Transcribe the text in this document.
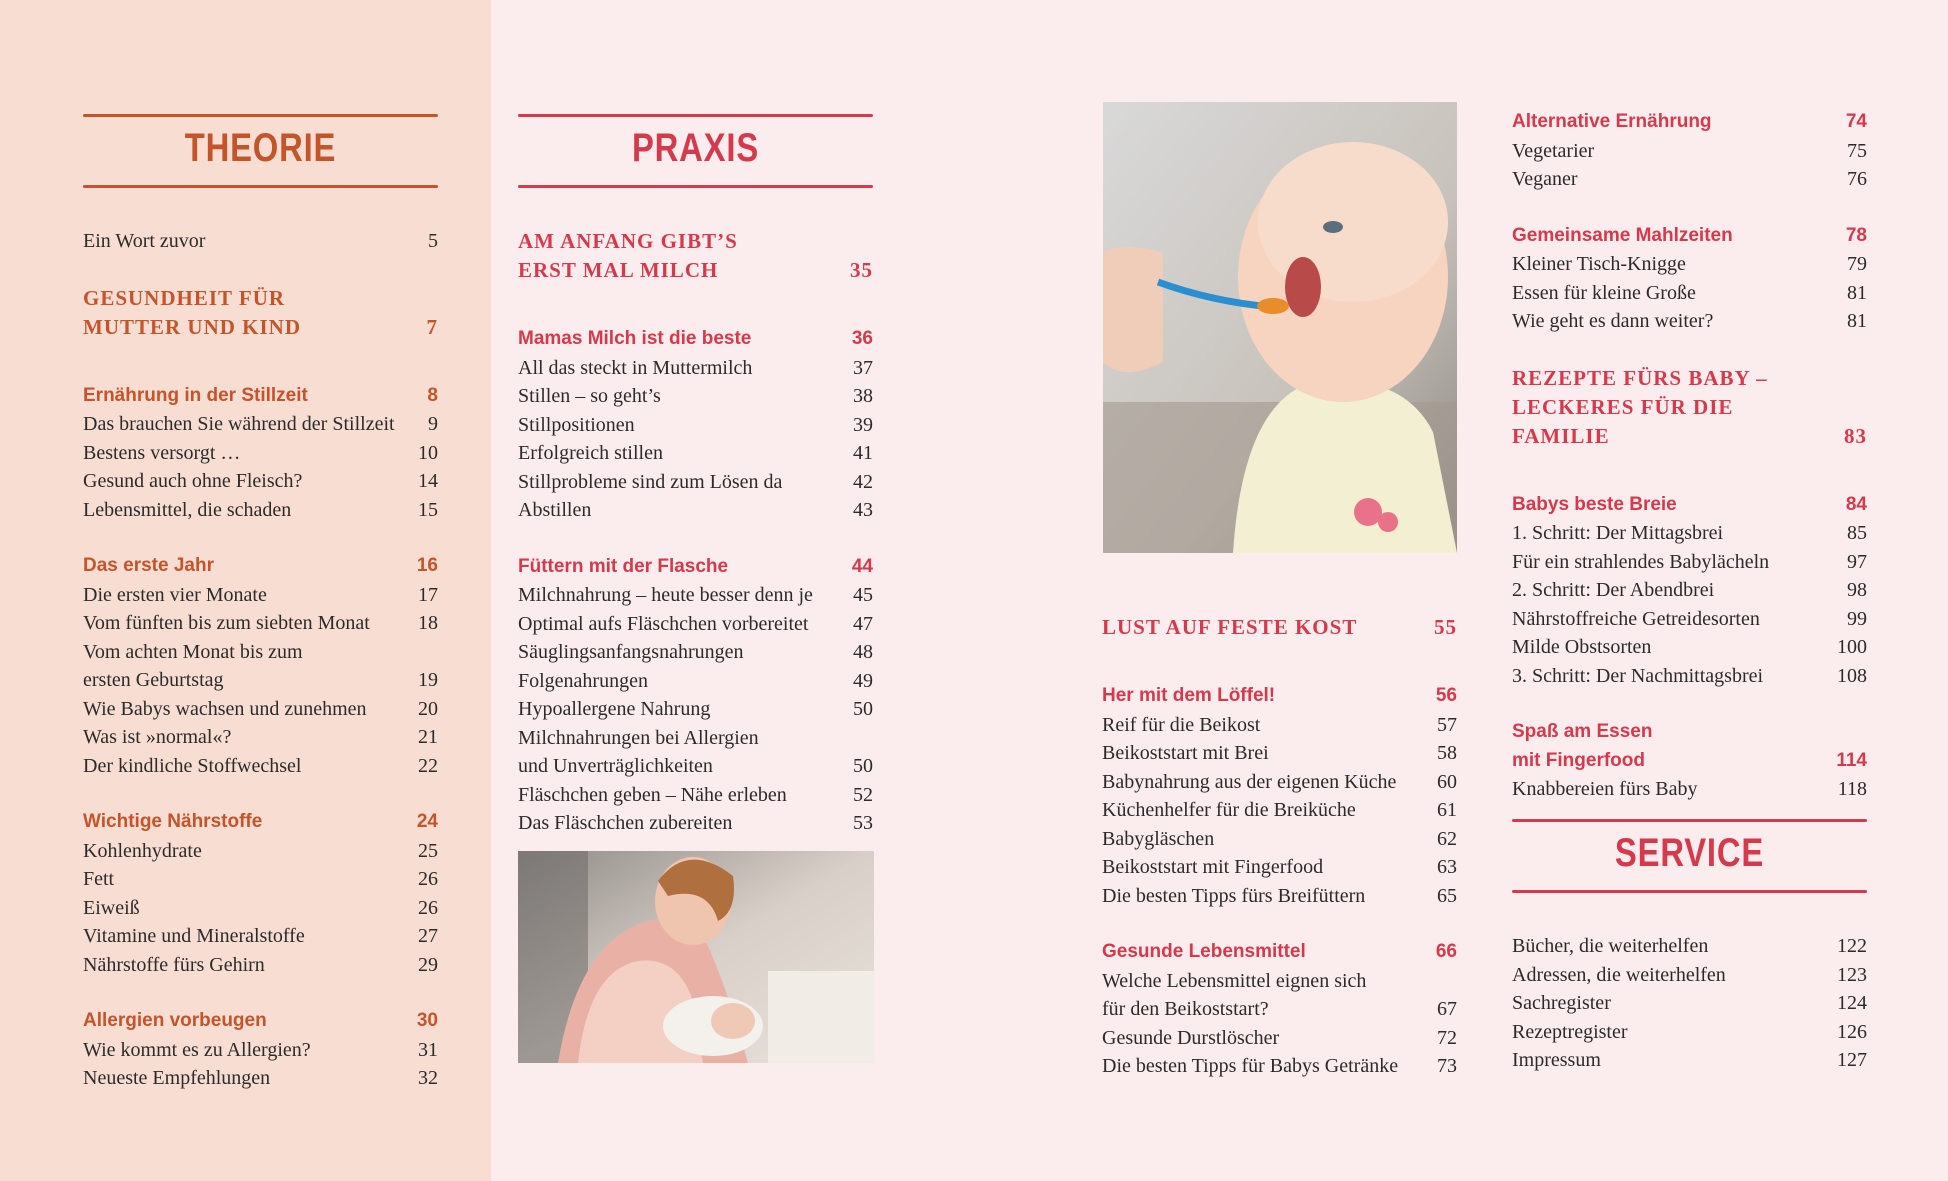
THEORIE
Ein Wort zuvor	5
GESUNDHEIT FÜR
MUTTER UND KIND	7
Ernährung in der Stillzeit	8
Das brauchen Sie während der Stillzeit	9
Bestens versorgt …	10
Gesund auch ohne Fleisch?	14
Lebensmittel, die schaden	15
Das erste Jahr	16
Die ersten vier Monate	17
Vom fünften bis zum siebten Monat	18
Vom achten Monat bis zum
ersten Geburtstag	19
Wie Babys wachsen und zunehmen	20
Was ist »normal«?	21
Der kindliche Stoffwechsel	22
Wichtige Nährstoffe	24
Kohlenhydrate	25
Fett	26
Eiweiß	26
Vitamine und Mineralstoffe	27
Nährstoffe fürs Gehirn	29
Allergien vorbeugen	30
Wie kommt es zu Allergien?	31
Neueste Empfehlungen	32
PRAXIS
AM ANFANG GIBT’S
ERST MAL MILCH	35
Mamas Milch ist die beste	36
All das steckt in Muttermilch	37
Stillen – so geht’s	38
Stillpositionen	39
Erfolgreich stillen	41
Stillprobleme sind zum Lösen da	42
Abstillen	43
Füttern mit der Flasche	44
Milchnahrung – heute besser denn je	45
Optimal aufs Fläschchen vorbereitet	47
Säuglingsanfangsnahrungen	48
Folgenahrungen	49
Hypoallergene Nahrung	50
Milchnahrungen bei Allergien
und Unverträglichkeiten	50
Fläschchen geben – Nähe erleben	52
Das Fläschchen zubereiten	53
LUST AUF FESTE KOST	55
Her mit dem Löffel!	56
Reif für die Beikost	57
Beikoststart mit Brei	58
Babynahrung aus der eigenen Küche	60
Küchenhelfer für die Breiküche	61
Babygläschen	62
Beikoststart mit Fingerfood	63
Die besten Tipps fürs Breifüttern	65
Gesunde Lebensmittel	66
Welche Lebensmittel eignen sich
für den Beikoststart?	67
Gesunde Durstlöscher	72
Die besten Tipps für Babys Getränke	73
Alternative Ernährung	74
Vegetarier	75
Veganer	76
Gemeinsame Mahlzeiten	78
Kleiner Tisch-Knigge	79
Essen für kleine Große	81
Wie geht es dann weiter?	81
REZEPTE FÜRS BABY –
LECKERES FÜR DIE FAMILIE	83
Babys beste Breie	84
1. Schritt: Der Mittagsbrei	85
Für ein strahlendes Babylächeln	97
2. Schritt: Der Abendbrei	98
Nährstoffreiche Getreidesorten	99
Milde Obstsorten	100
3. Schritt: Der Nachmittagsbrei	108
Spaß am Essen
mit Fingerfood	114
Knabbereien fürs Baby	118
SERVICE
Bücher, die weiterhelfen	122
Adressen, die weiterhelfen	123
Sachregister	124
Rezeptregister	126
Impressum	127
